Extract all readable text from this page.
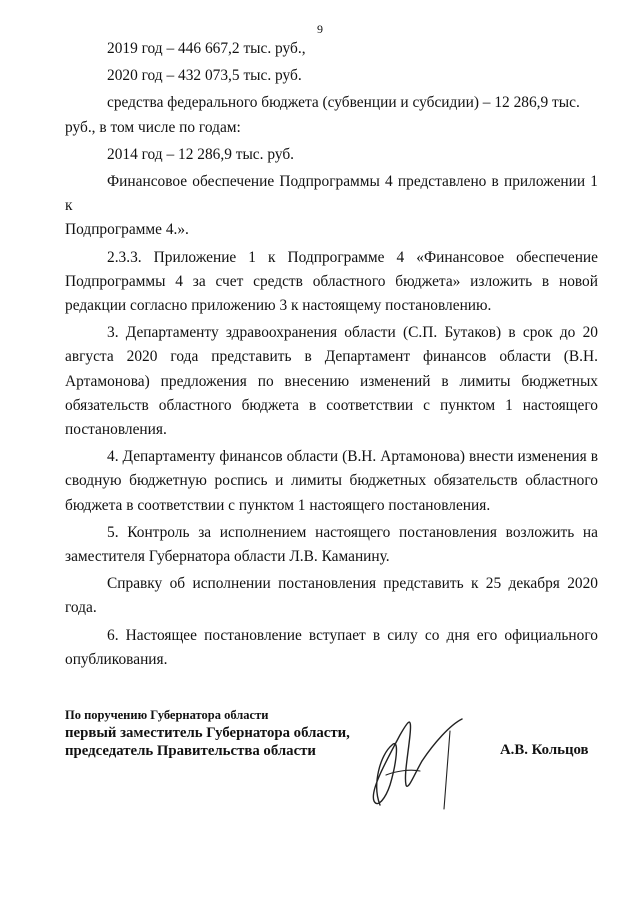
9

2019 год – 446 667,2 тыс. руб.,

2020 год – 432 073,5 тыс. руб.

средства федерального бюджета (субвенции и субсидии) – 12 286,9 тыс.

руб., в том числе по годам:

2014 год – 12 286,9 тыс. руб.

Финансовое обеспечение Подпрограммы 4 представлено в приложении 1 к

Подпрограмме 4.».

2.3.3. Приложение 1 к Подпрограмме 4 «Финансовое обеспечение Подпрограммы 4 за счет средств областного бюджета» изложить в новой редакции согласно приложению 3 к настоящему постановлению.

3. Департаменту здравоохранения области (С.П. Бутаков) в срок до 20 августа 2020 года представить в Департамент финансов области (В.Н. Артамонова) предложения по внесению изменений в лимиты бюджетных обязательств областного бюджета в соответствии с пунктом 1 настоящего постановления.

4. Департаменту финансов области (В.Н. Артамонова) внести изменения в сводную бюджетную роспись и лимиты бюджетных обязательств областного бюджета в соответствии с пунктом 1 настоящего постановления.

5. Контроль за исполнением настоящего постановления возложить на заместителя Губернатора области Л.В. Каманину.

Справку об исполнении постановления представить к 25 декабря 2020 года.

6. Настоящее постановление вступает в силу со дня его официального опубликования.

По поручению Губернатора области
первый заместитель Губернатора области,
председатель Правительства области	А.В. Кольцов
